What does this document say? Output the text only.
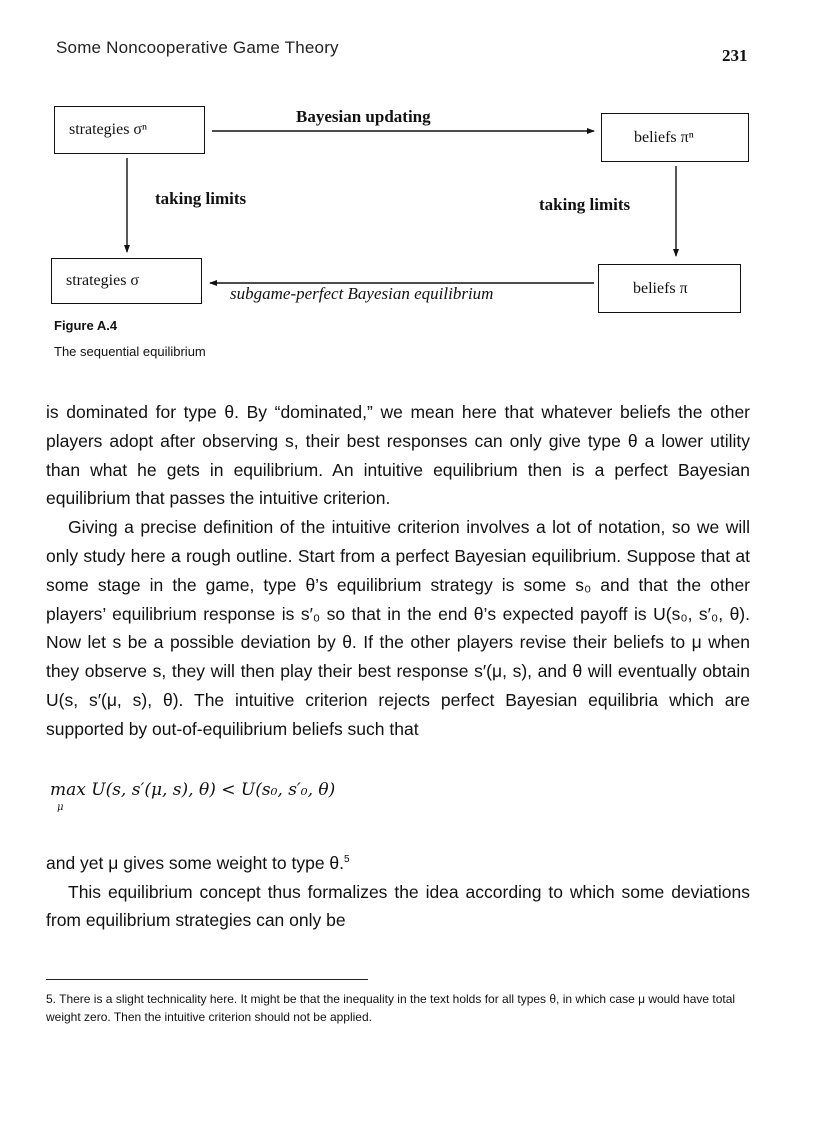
Some Noncooperative Game Theory	231
strategies σⁿ	beliefs πⁿ
strategies σ	beliefs π
Bayesian updating
taking limits	taking limits
subgame-perfect Bayesian equilibrium
Figure A.4
The sequential equilibrium

is dominated for type θ. By “dominated,” we mean here that whatever beliefs the other players adopt after observing s, their best responses can only give type θ a lower utility than what he gets in equilibrium. An intuitive equilibrium then is a perfect Bayesian equilibrium that passes the intuitive criterion.

Giving a precise definition of the intuitive criterion involves a lot of notation, so we will only study here a rough outline. Start from a perfect Bayesian equilibrium. Suppose that at some stage in the game, type θ’s equilibrium strategy is some s₀ and that the other players’ equilibrium response is s′₀ so that in the end θ’s expected payoff is U(s₀, s′₀, θ). Now let s be a possible deviation by θ. If the other players revise their beliefs to μ when they observe s, they will then play their best response s′(μ, s), and θ will eventually obtain U(s, s′(μ, s), θ). The intuitive criterion rejects perfect Bayesian equilibria which are supported by out-of-equilibrium beliefs such that

max U(s, s′(μ, s), θ) < U(s₀, s′₀, θ)
μ

and yet μ gives some weight to type θ.$^5$

This equilibrium concept thus formalizes the idea according to which some deviations from equilibrium strategies can only be

5. There is a slight technicality here. It might be that the inequality in the text holds for all types θ, in which case μ would have total weight zero. Then the intuitive criterion should not be applied.
